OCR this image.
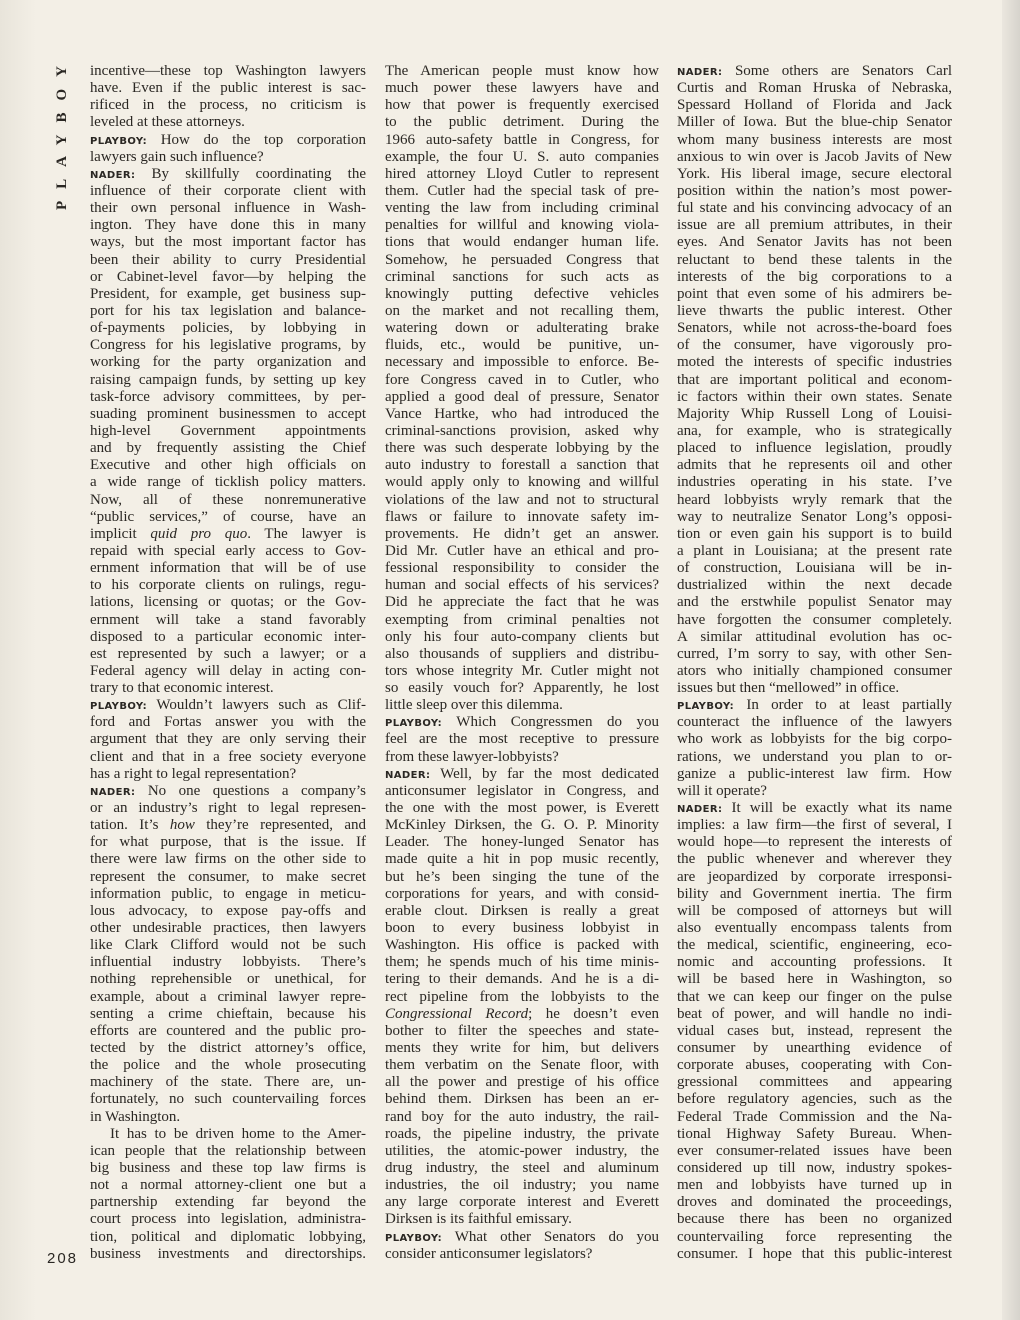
PLAYBOY incentive—these top Washington lawyers
have. Even if the public interest is sac-
rificed in the process, no criticism is
leveled at these attorneys.
PLAYBOY: How do the top corporation
lawyers gain such influence?
NADER: By skillfully coordinating the
influence of their corporate client with
their own personal influence in Wash-
ington. They have done this in many
ways, but the most important factor has
been their ability to curry Presidential
or Cabinet-level favor—by helping the
President, for example, get business sup-
port for his tax legislation and balance-
of-payments policies, by lobbying in
Congress for his legislative programs, by
working for the party organization and
raising campaign funds, by setting up key
task-force advisory committees, by per-
suading prominent businessmen to accept
high-level Government appointments
and by frequently assisting the Chief
Executive and other high officials on
a wide range of ticklish policy matters.
Now, all of these nonremunerative
“public services,” of course, have an
implicit quid pro quo. The lawyer is
repaid with special early access to Gov-
ernment information that will be of use
to his corporate clients on rulings, regu-
lations, licensing or quotas; or the Gov-
ernment will take a stand favorably
disposed to a particular economic inter-
est represented by such a lawyer; or a
Federal agency will delay in acting con-
trary to that economic interest.
PLAYBOY: Wouldn’t lawyers such as Clif-
ford and Fortas answer you with the
argument that they are only serving their
client and that in a free society everyone
has a right to legal representation?
NADER: No one questions a company’s
or an industry’s right to legal represen-
tation. It’s how they’re represented, and
for what purpose, that is the issue. If
there were law firms on the other side to
represent the consumer, to make secret
information public, to engage in meticu-
lous advocacy, to expose pay-offs and
other undesirable practices, then lawyers
like Clark Clifford would not be such
influential industry lobbyists. There’s
nothing reprehensible or unethical, for
example, about a criminal lawyer repre-
senting a crime chieftain, because his
efforts are countered and the public pro-
tected by the district attorney’s office,
the police and the whole prosecuting
machinery of the state. There are, un-
fortunately, no such countervailing forces
in Washington.
It has to be driven home to the Amer-
ican people that the relationship between
big business and these top law firms is
not a normal attorney-client one but a
partnership extending far beyond the
court process into legislation, administra-
tion, political and diplomatic lobbying,
business investments and directorships.
The American people must know how
much power these lawyers have and
how that power is frequently exercised
to the public detriment. During the
1966 auto-safety battle in Congress, for
example, the four U. S. auto companies
hired attorney Lloyd Cutler to represent
them. Cutler had the special task of pre-
venting the law from including criminal
penalties for willful and knowing viola-
tions that would endanger human life.
Somehow, he persuaded Congress that
criminal sanctions for such acts as
knowingly putting defective vehicles
on the market and not recalling them,
watering down or adulterating brake
fluids, etc., would be punitive, un-
necessary and impossible to enforce. Be-
fore Congress caved in to Cutler, who
applied a good deal of pressure, Senator
Vance Hartke, who had introduced the
criminal-sanctions provision, asked why
there was such desperate lobbying by the
auto industry to forestall a sanction that
would apply only to knowing and willful
violations of the law and not to structural
flaws or failure to innovate safety im-
provements. He didn’t get an answer.
Did Mr. Cutler have an ethical and pro-
fessional responsibility to consider the
human and social effects of his services?
Did he appreciate the fact that he was
exempting from criminal penalties not
only his four auto-company clients but
also thousands of suppliers and distribu-
tors whose integrity Mr. Cutler might not
so easily vouch for? Apparently, he lost
little sleep over this dilemma.
PLAYBOY: Which Congressmen do you
feel are the most receptive to pressure
from these lawyer-lobbyists?
NADER: Well, by far the most dedicated
anticonsumer legislator in Congress, and
the one with the most power, is Everett
McKinley Dirksen, the G. O. P. Minority
Leader. The honey-lunged Senator has
made quite a hit in pop music recently,
but he’s been singing the tune of the
corporations for years, and with consid-
erable clout. Dirksen is really a great
boon to every business lobbyist in
Washington. His office is packed with
them; he spends much of his time minis-
tering to their demands. And he is a di-
rect pipeline from the lobbyists to the
Congressional Record; he doesn’t even
bother to filter the speeches and state-
ments they write for him, but delivers
them verbatim on the Senate floor, with
all the power and prestige of his office
behind them. Dirksen has been an er-
rand boy for the auto industry, the rail-
roads, the pipeline industry, the private
utilities, the atomic-power industry, the
drug industry, the steel and aluminum
industries, the oil industry; you name
any large corporate interest and Everett
Dirksen is its faithful emissary.
PLAYBOY: What other Senators do you
consider anticonsumer legislators?
NADER: Some others are Senators Carl
Curtis and Roman Hruska of Nebraska,
Spessard Holland of Florida and Jack
Miller of Iowa. But the blue-chip Senator
whom many business interests are most
anxious to win over is Jacob Javits of New
York. His liberal image, secure electoral
position within the nation’s most power-
ful state and his convincing advocacy of an
issue are all premium attributes, in their
eyes. And Senator Javits has not been
reluctant to bend these talents in the
interests of the big corporations to a
point that even some of his admirers be-
lieve thwarts the public interest. Other
Senators, while not across-the-board foes
of the consumer, have vigorously pro-
moted the interests of specific industries
that are important political and econom-
ic factors within their own states. Senate
Majority Whip Russell Long of Louisi-
ana, for example, who is strategically
placed to influence legislation, proudly
admits that he represents oil and other
industries operating in his state. I’ve
heard lobbyists wryly remark that the
way to neutralize Senator Long’s opposi-
tion or even gain his support is to build
a plant in Louisiana; at the present rate
of construction, Louisiana will be in-
dustrialized within the next decade
and the erstwhile populist Senator may
have forgotten the consumer completely.
A similar attitudinal evolution has oc-
curred, I’m sorry to say, with other Sen-
ators who initially championed consumer
issues but then “mellowed” in office.
PLAYBOY: In order to at least partially
counteract the influence of the lawyers
who work as lobbyists for the big corpo-
rations, we understand you plan to or-
ganize a public-interest law firm. How
will it operate?
NADER: It will be exactly what its name
implies: a law firm—the first of several, I
would hope—to represent the interests of
the public whenever and wherever they
are jeopardized by corporate irresponsi-
bility and Government inertia. The firm
will be composed of attorneys but will
also eventually encompass talents from
the medical, scientific, engineering, eco-
nomic and accounting professions. It
will be based here in Washington, so
that we can keep our finger on the pulse
beat of power, and will handle no indi-
vidual cases but, instead, represent the
consumer by unearthing evidence of
corporate abuses, cooperating with Con-
gressional committees and appearing
before regulatory agencies, such as the
Federal Trade Commission and the Na-
tional Highway Safety Bureau. When-
ever consumer-related issues have been
considered up till now, industry spokes-
men and lobbyists have turned up in
droves and dominated the proceedings,
because there has been no organized
countervailing force representing the
consumer. I hope that this public-interest
208
